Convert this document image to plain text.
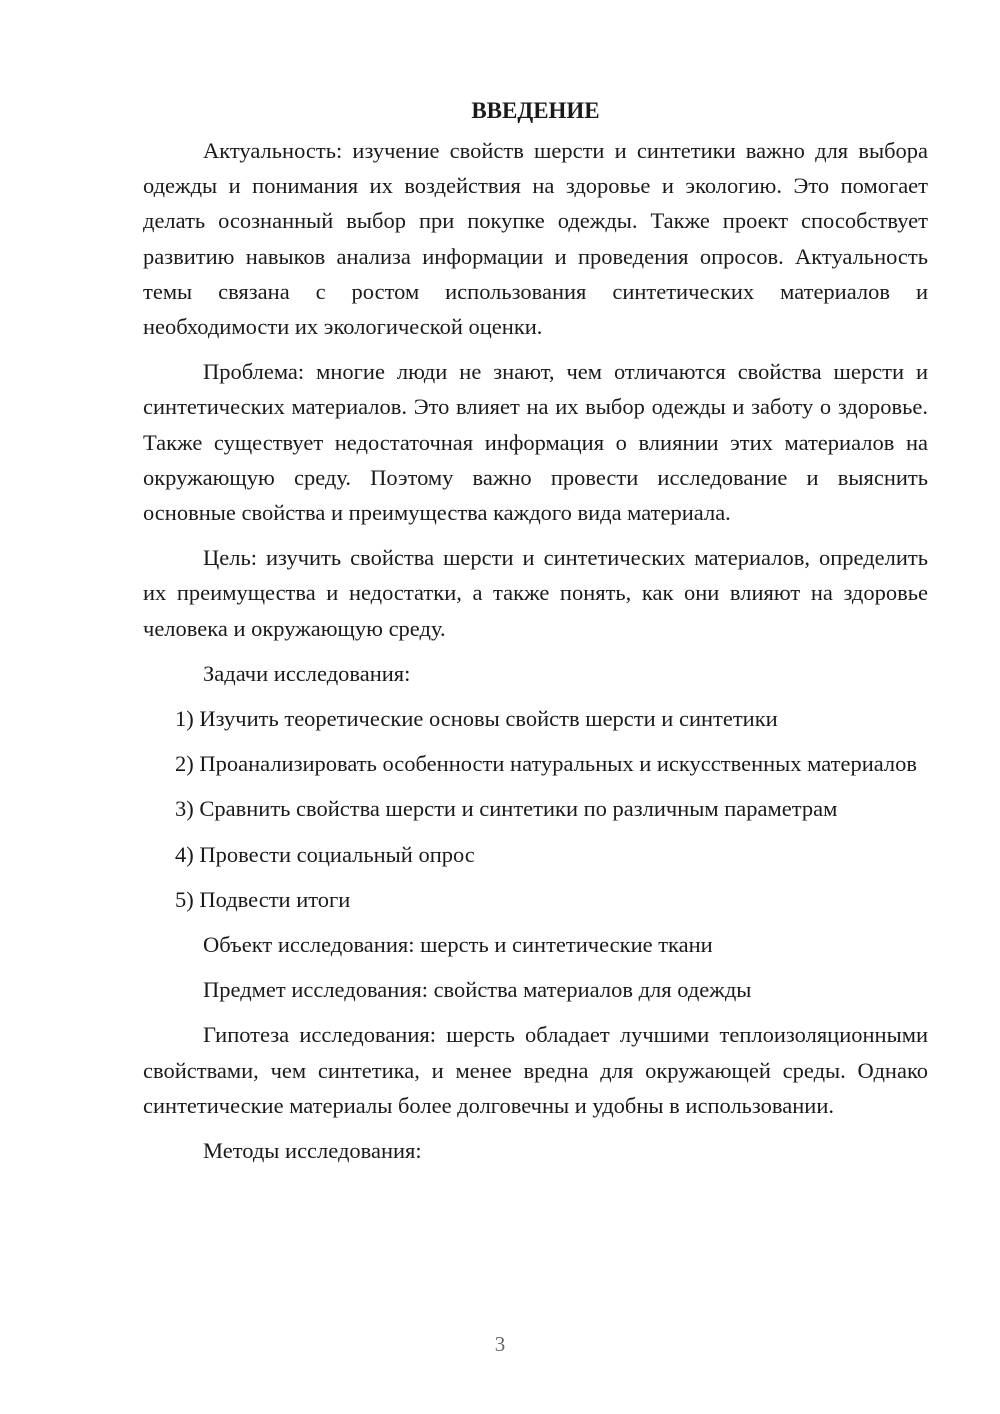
ВВЕДЕНИЕ

Актуальность: изучение свойств шерсти и синтетики важно для выбора одежды и понимания их воздействия на здоровье и экологию. Это помогает делать осознанный выбор при покупке одежды. Также проект способствует развитию навыков анализа информации и проведения опросов. Актуальность темы связана с ростом использования синтетических материалов и необходимости их экологической оценки.

Проблема: многие люди не знают, чем отличаются свойства шерсти и синтетических материалов. Это влияет на их выбор одежды и заботу о здоровье. Также существует недостаточная информация о влиянии этих материалов на окружающую среду. Поэтому важно провести исследование и выяснить основные свойства и преимущества каждого вида материала.

Цель: изучить свойства шерсти и синтетических материалов, определить их преимущества и недостатки, а также понять, как они влияют на здоровье человека и окружающую среду.

Задачи исследования:

1) Изучить теоретические основы свойств шерсти и синтетики

2) Проанализировать особенности натуральных и искусственных материалов

3) Сравнить свойства шерсти и синтетики по различным параметрам

4) Провести социальный опрос

5) Подвести итоги

Объект исследования: шерсть и синтетические ткани

Предмет исследования: свойства материалов для одежды

Гипотеза исследования: шерсть обладает лучшими теплоизоляционными свойствами, чем синтетика, и менее вредна для окружающей среды. Однако синтетические материалы более долговечны и удобны в использовании.

Методы исследования:

3
